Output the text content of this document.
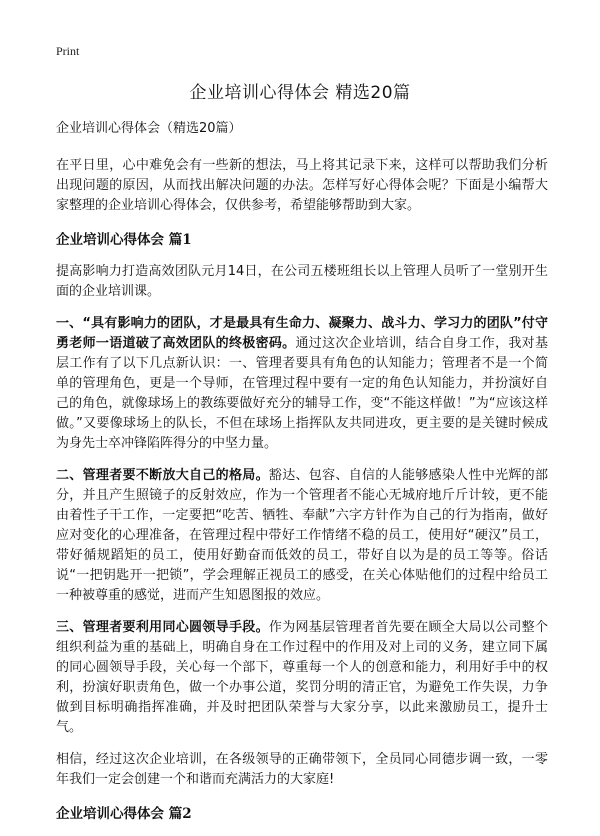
Print
企业培训心得体会 精选20篇
企业培训心得体会（精选20篇）

在平日里，心中难免会有一些新的想法，马上将其记录下来，这样可以帮助我们分析出现问题的原因，从而找出解决问题的办法。怎样写好心得体会呢？下面是小编帮大家整理的企业培训心得体会，仅供参考，希望能够帮助到大家。

企业培训心得体会 篇1

提高影响力打造高效团队元月14日，在公司五楼班组长以上管理人员听了一堂别开生面的企业培训课。

一、“具有影响力的团队，才是最具有生命力、凝聚力、战斗力、学习力的团队”付守勇老师一语道破了高效团队的终极密码。通过这次企业培训，结合自身工作，我对基层工作有了以下几点新认识：一、管理者要具有角色的认知能力；管理者不是一个简单的管理角色，更是一个导师，在管理过程中要有一定的角色认知能力，并扮演好自己的角色，就像球场上的教练要做好充分的辅导工作，变“不能这样做！”为“应该这样做。”又要像球场上的队长，不但在球场上指挥队友共同进攻，更主要的是关键时候成为身先士卒冲锋陷阵得分的中坚力量。

二、管理者要不断放大自己的格局。豁达、包容、自信的人能够感染人性中光辉的部分，并且产生照镜子的反射效应，作为一个管理者不能心无城府地斤斤计较，更不能由着性子干工作，一定要把“吃苦、牺牲、奉献”六字方针作为自己的行为指南，做好应对变化的心理准备，在管理过程中带好工作情绪不稳的员工，使用好“硬汉”员工，带好循规蹈矩的员工，使用好勤奋而低效的员工，带好自以为是的员工等等。俗话说“一把钥匙开一把锁”，学会理解正视员工的感受，在关心体贴他们的过程中给员工一种被尊重的感觉，进而产生知恩图报的效应。

三、管理者要利用同心圆领导手段。作为网基层管理者首先要在顾全大局以公司整个组织利益为重的基础上，明确自身在工作过程中的作用及对上司的义务，建立同下属的同心圆领导手段，关心每一个部下，尊重每一个人的创意和能力，利用好手中的权利，扮演好职责角色，做一个办事公道，奖罚分明的清正官，为避免工作失误，力争做到目标明确指挥准确，并及时把团队荣誉与大家分享，以此来激励员工，提升士气。

相信，经过这次企业培训，在各级领导的正确带领下，全员同心同德步调一致，一零年我们一定会创建一个和谐而充满活力的大家庭!

企业培训心得体会 篇2
